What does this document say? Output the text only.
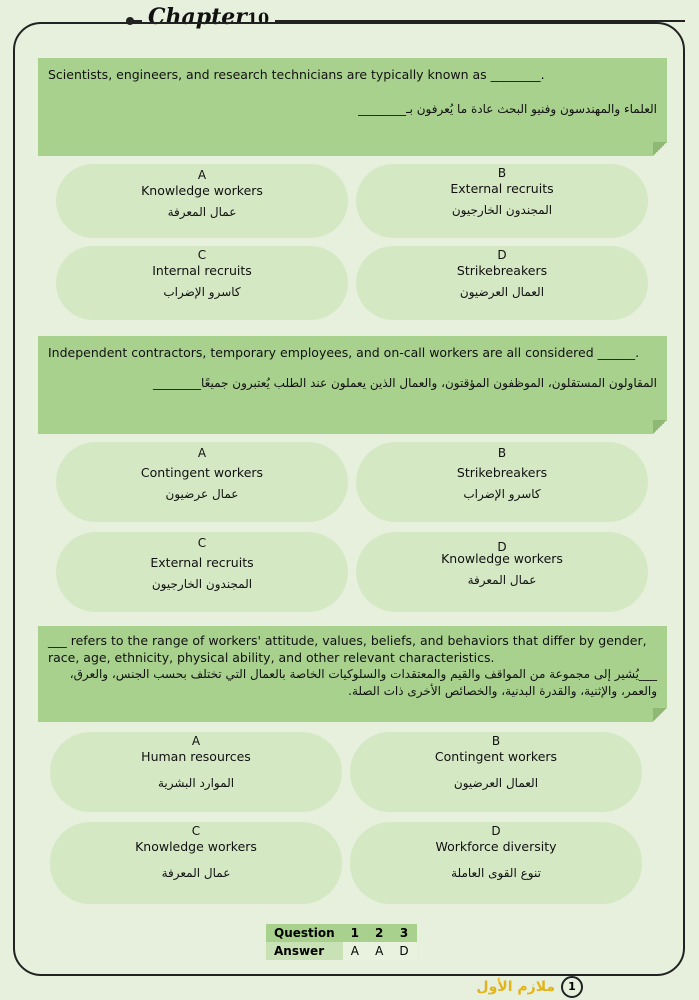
Chapter10
Scientists, engineers, and research technicians are typically known as ________.
العلماء والمهندسون وفنيو البحث عادة ما يُعرفون بـ________
A
Knowledge workers
عمال المعرفة
B
External recruits
المجندون الخارجيون
C
Internal recruits
كاسرو الإضراب
D
Strikebreakers
العمال العرضيون
Independent contractors, temporary employees, and on-call workers are all considered ______.
المقاولون المستقلون، الموظفون المؤقتون، والعمال الذين يعملون عند الطلب يُعتبرون جميعًا________
A
Contingent workers
عمال عرضيون
B
Strikebreakers
كاسرو الإضراب
C
External recruits
المجندون الخارجيون
D
Knowledge workers
عمال المعرفة
___ refers to the range of workers' attitude, values, beliefs, and behaviors that differ by gender, race, age, ethnicity, physical ability, and other relevant characteristics.
___يُشير إلى مجموعة من المواقف والقيم والمعتقدات والسلوكيات الخاصة بالعمال التي تختلف بحسب الجنس، والعرق، والعمر، والإثنية، والقدرة البدنية، والخصائص الأخرى ذات الصلة.
A
Human resources
الموارد البشرية
B
Contingent workers
العمال العرضيون
C
Knowledge workers
عمال المعرفة
D
Workforce diversity
تنوع القوى العاملة
Question	1	2	3
Answer	A	A	D
ملازم الأول	1
